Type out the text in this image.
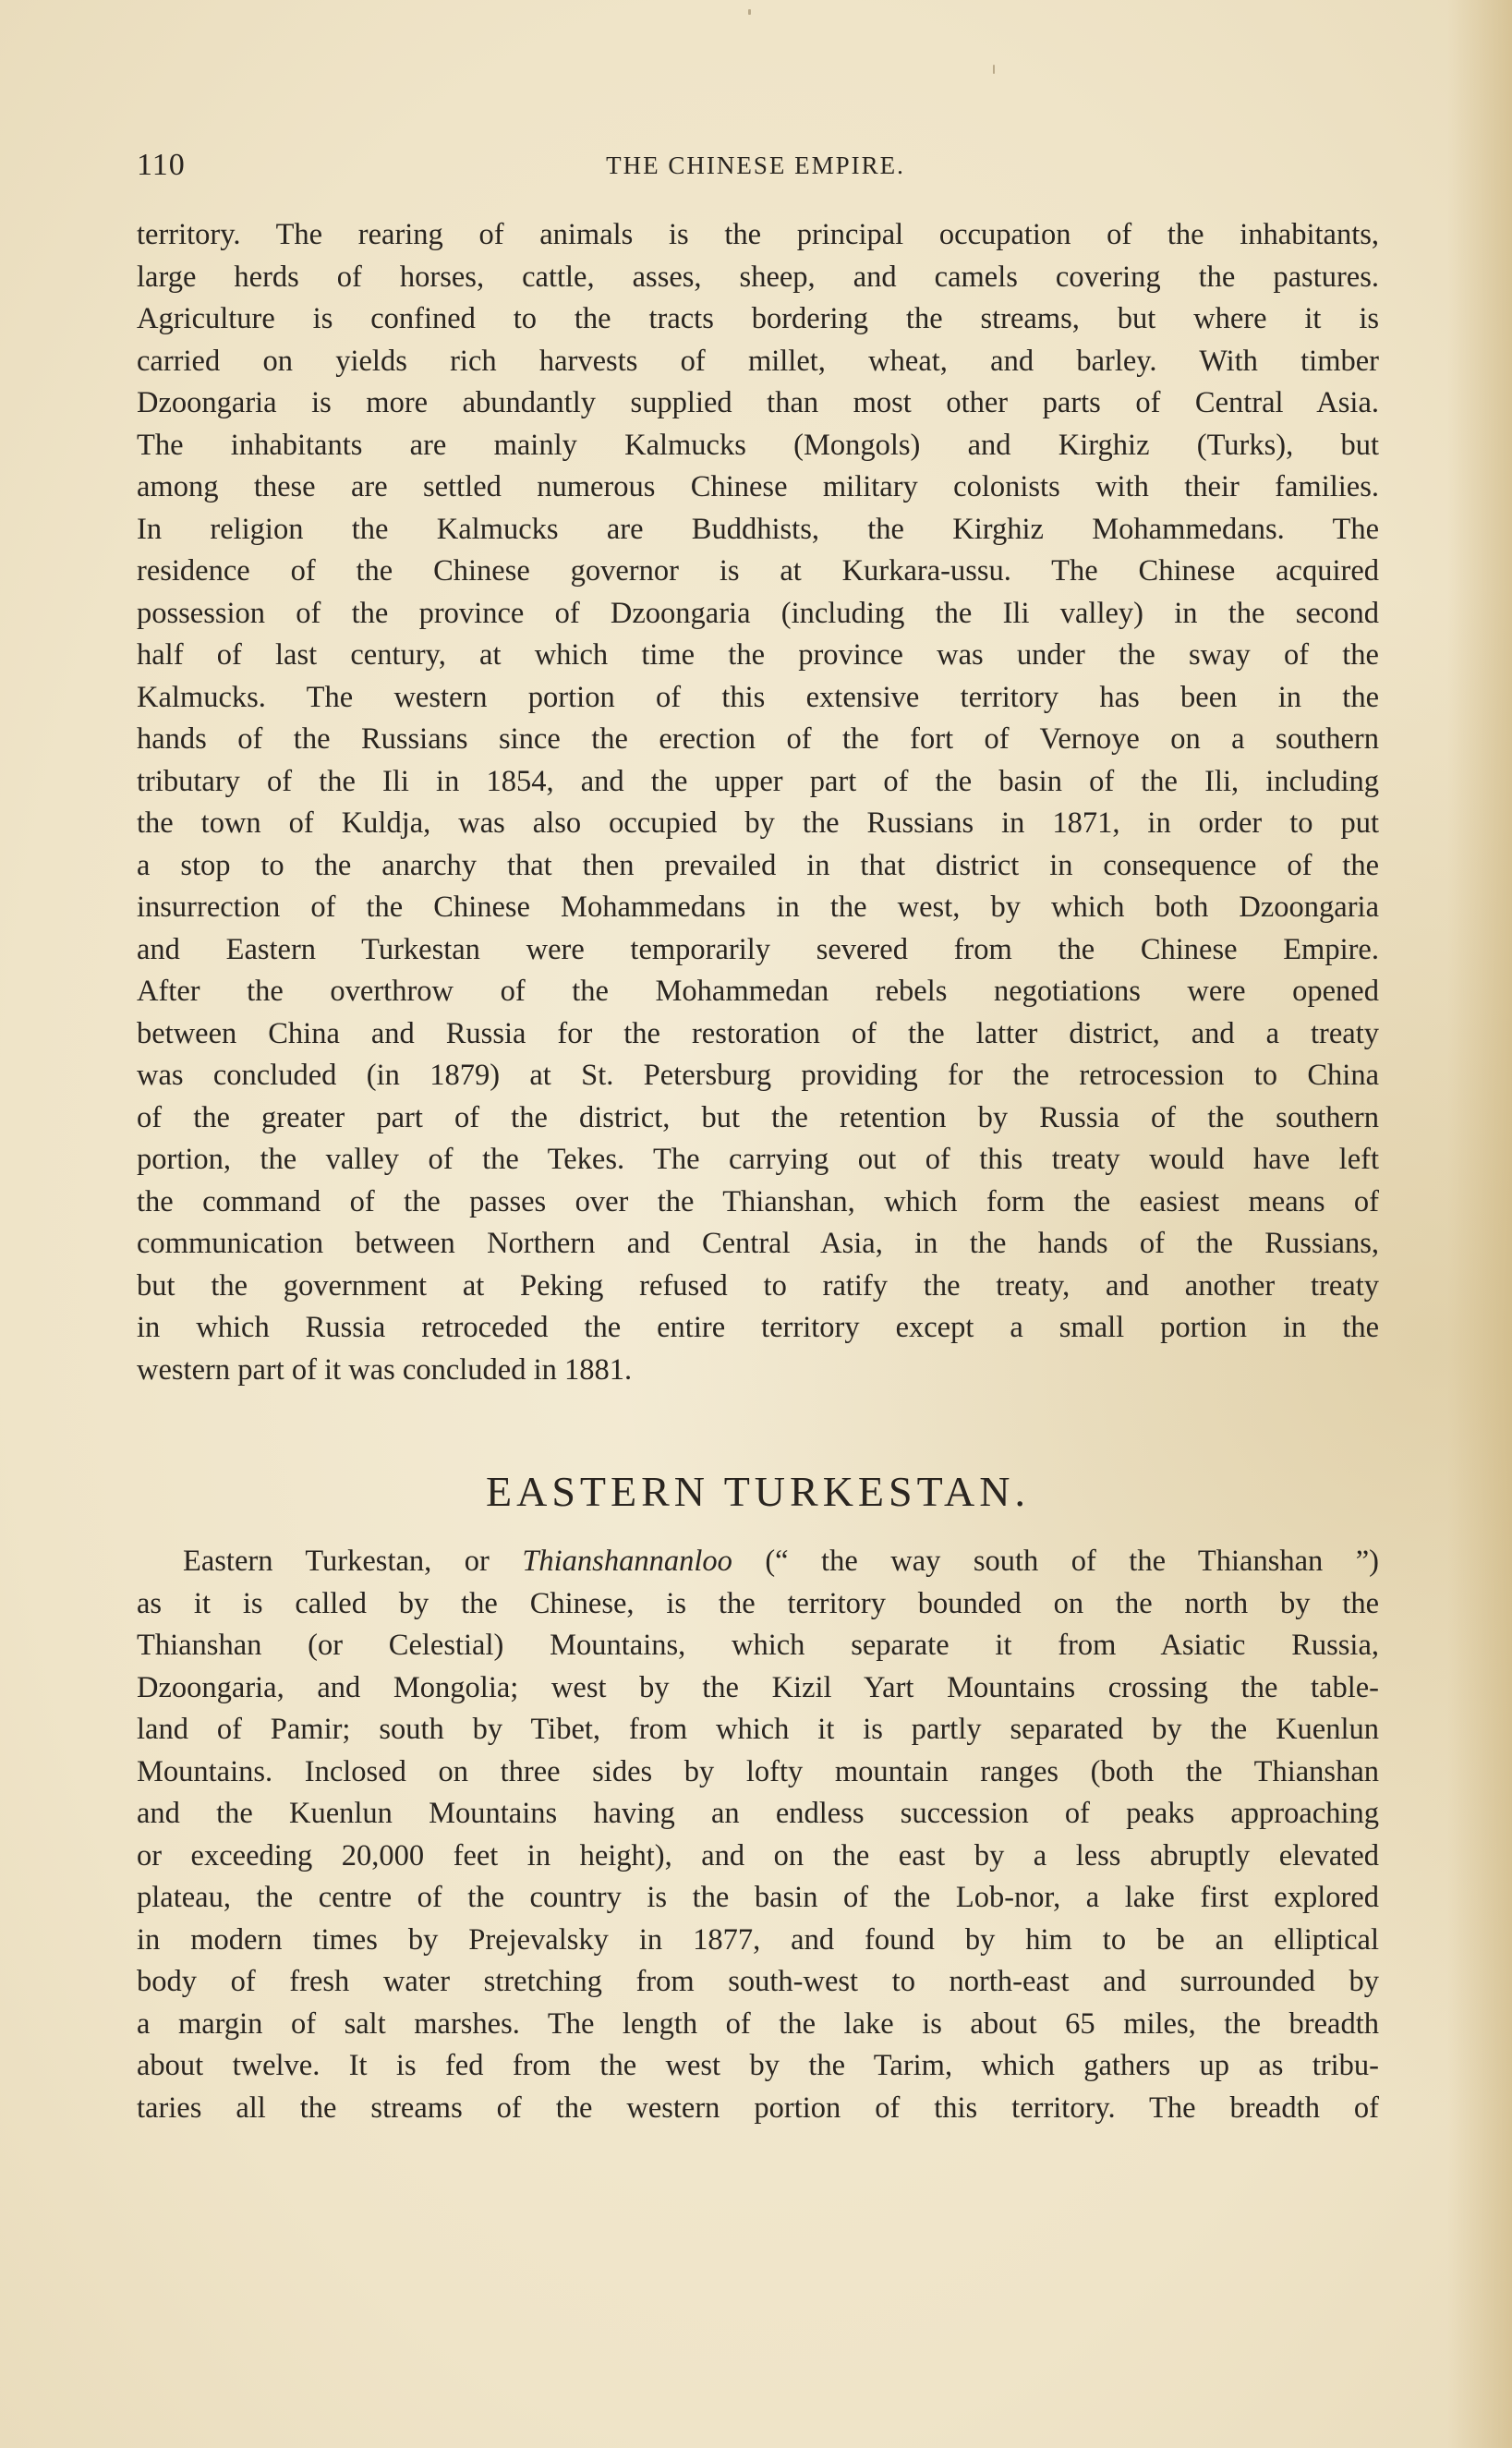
110	THE CHINESE EMPIRE.
territory. The rearing of animals is the principal occupation of the inhabitants,
large herds of horses, cattle, asses, sheep, and camels covering the pastures.
Agriculture is confined to the tracts bordering the streams, but where it is
carried on yields rich harvests of millet, wheat, and barley. With timber
Dzoongaria is more abundantly supplied than most other parts of Central Asia.
The inhabitants are mainly Kalmucks (Mongols) and Kirghiz (Turks), but
among these are settled numerous Chinese military colonists with their families.
In religion the Kalmucks are Buddhists, the Kirghiz Mohammedans. The
residence of the Chinese governor is at Kurkara-ussu. The Chinese acquired
possession of the province of Dzoongaria (including the Ili valley) in the second
half of last century, at which time the province was under the sway of the
Kalmucks. The western portion of this extensive territory has been in the
hands of the Russians since the erection of the fort of Vernoye on a southern
tributary of the Ili in 1854, and the upper part of the basin of the Ili, including
the town of Kuldja, was also occupied by the Russians in 1871, in order to put
a stop to the anarchy that then prevailed in that district in consequence of the
insurrection of the Chinese Mohammedans in the west, by which both Dzoongaria
and Eastern Turkestan were temporarily severed from the Chinese Empire.
After the overthrow of the Mohammedan rebels negotiations were opened
between China and Russia for the restoration of the latter district, and a treaty
was concluded (in 1879) at St. Petersburg providing for the retrocession to China
of the greater part of the district, but the retention by Russia of the southern
portion, the valley of the Tekes. The carrying out of this treaty would have left
the command of the passes over the Thianshan, which form the easiest means of
communication between Northern and Central Asia, in the hands of the Russians,
but the government at Peking refused to ratify the treaty, and another treaty
in which Russia retroceded the entire territory except a small portion in the
western part of it was concluded in 1881.
EASTERN TURKESTAN.
Eastern Turkestan, or Thianshannanloo (“ the way south of the Thianshan ”)
as it is called by the Chinese, is the territory bounded on the north by the
Thianshan (or Celestial) Mountains, which separate it from Asiatic Russia,
Dzoongaria, and Mongolia; west by the Kizil Yart Mountains crossing the table-
land of Pamir; south by Tibet, from which it is partly separated by the Kuenlun
Mountains. Inclosed on three sides by lofty mountain ranges (both the Thianshan
and the Kuenlun Mountains having an endless succession of peaks approaching
or exceeding 20,000 feet in height), and on the east by a less abruptly elevated
plateau, the centre of the country is the basin of the Lob-nor, a lake first explored
in modern times by Prejevalsky in 1877, and found by him to be an elliptical
body of fresh water stretching from south-west to north-east and surrounded by
a margin of salt marshes. The length of the lake is about 65 miles, the breadth
about twelve. It is fed from the west by the Tarim, which gathers up as tribu-
taries all the streams of the western portion of this territory. The breadth of
